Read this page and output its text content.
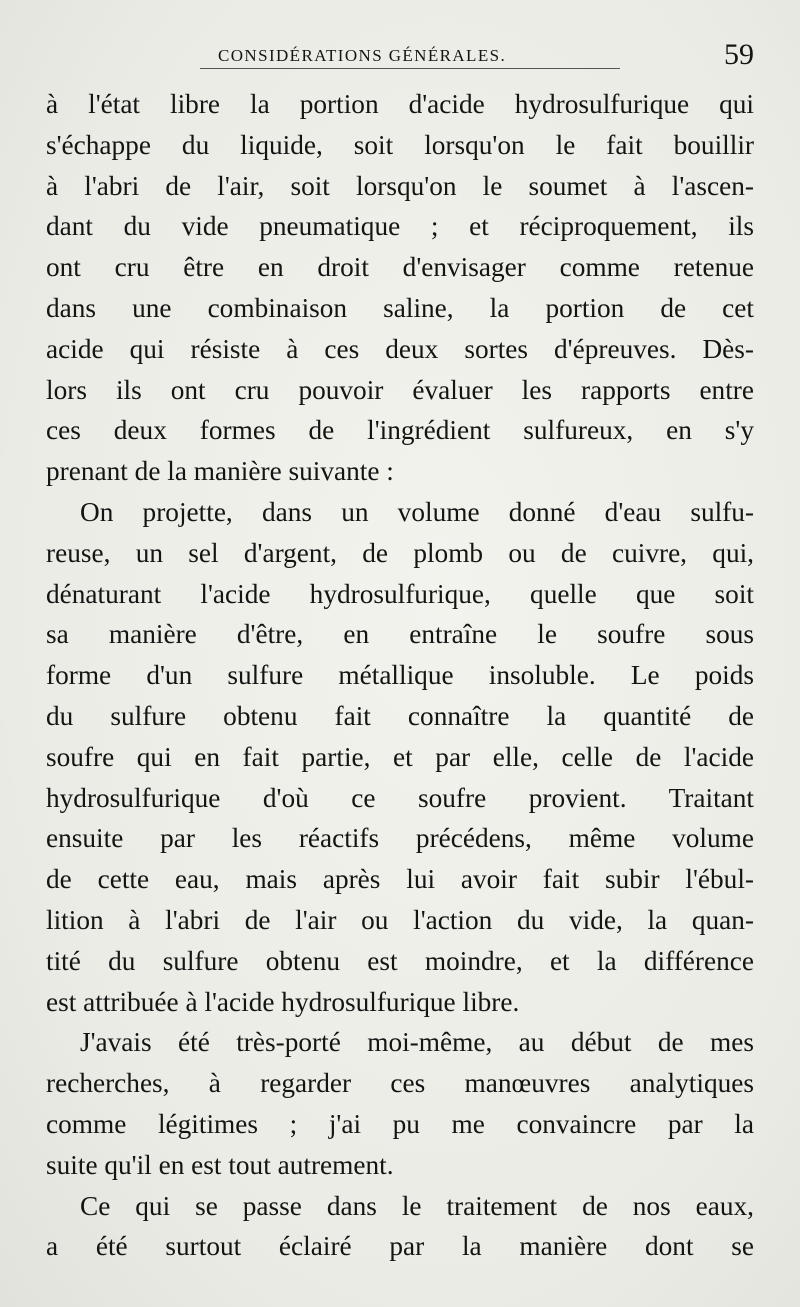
CONSIDÉRATIONS GÉNÉRALES.	59
à l'état libre la portion d'acide hydrosulfurique qui
s'échappe du liquide, soit lorsqu'on le fait bouillir
à l'abri de l'air, soit lorsqu'on le soumet à l'ascen-
dant du vide pneumatique ; et réciproquement, ils
ont cru être en droit d'envisager comme retenue
dans une combinaison saline, la portion de cet
acide qui résiste à ces deux sortes d'épreuves. Dès-
lors ils ont cru pouvoir évaluer les rapports entre
ces deux formes de l'ingrédient sulfureux, en s'y
prenant de la manière suivante :
On projette, dans un volume donné d'eau sulfu-
reuse, un sel d'argent, de plomb ou de cuivre, qui,
dénaturant l'acide hydrosulfurique, quelle que soit
sa manière d'être, en entraîne le soufre sous
forme d'un sulfure métallique insoluble. Le poids
du sulfure obtenu fait connaître la quantité de
soufre qui en fait partie, et par elle, celle de l'acide
hydrosulfurique d'où ce soufre provient. Traitant
ensuite par les réactifs précédens, même volume
de cette eau, mais après lui avoir fait subir l'ébul-
lition à l'abri de l'air ou l'action du vide, la quan-
tité du sulfure obtenu est moindre, et la différence
est attribuée à l'acide hydrosulfurique libre.
J'avais été très-porté moi-même, au début de mes
recherches, à regarder ces manœuvres analytiques
comme légitimes ; j'ai pu me convaincre par la
suite qu'il en est tout autrement.
Ce qui se passe dans le traitement de nos eaux,
a été surtout éclairé par la manière dont se
